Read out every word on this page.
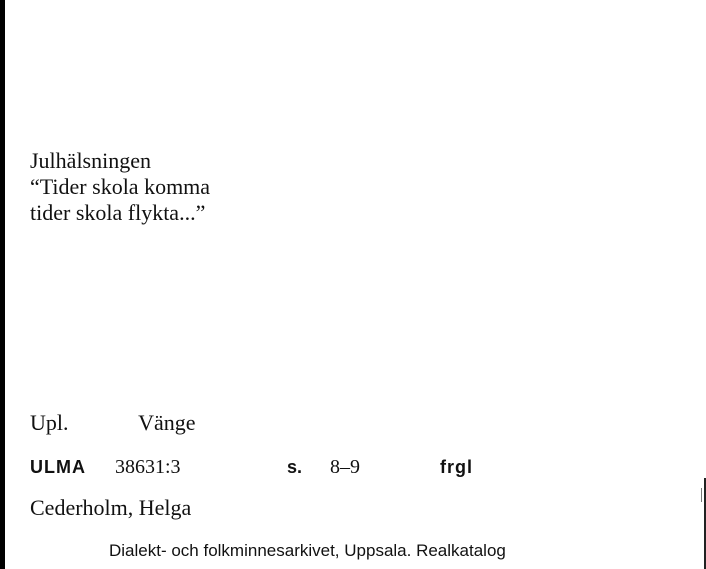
Julhälsningen
“Tider skola komma
tider skola flykta...”
Upl.	Vänge
ULMA 38631:3	s. 8–9	frgl
Cederholm, Helga
Dialekt- och folkminnesarkivet, Uppsala. Realkatalog
